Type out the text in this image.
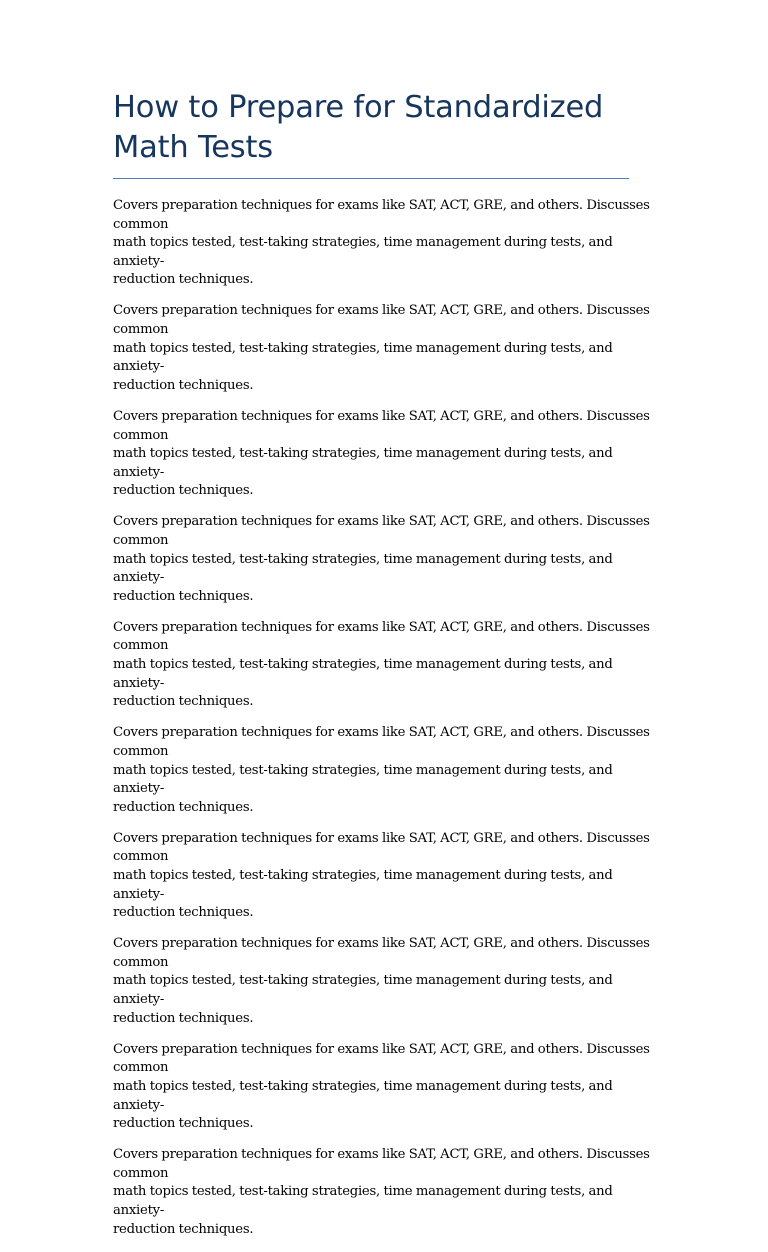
How to Prepare for Standardized Math Tests

Covers preparation techniques for exams like SAT, ACT, GRE, and others. Discusses common
math topics tested, test-taking strategies, time management during tests, and anxiety-
reduction techniques.

Covers preparation techniques for exams like SAT, ACT, GRE, and others. Discusses common
math topics tested, test-taking strategies, time management during tests, and anxiety-
reduction techniques.

Covers preparation techniques for exams like SAT, ACT, GRE, and others. Discusses common
math topics tested, test-taking strategies, time management during tests, and anxiety-
reduction techniques.

Covers preparation techniques for exams like SAT, ACT, GRE, and others. Discusses common
math topics tested, test-taking strategies, time management during tests, and anxiety-
reduction techniques.

Covers preparation techniques for exams like SAT, ACT, GRE, and others. Discusses common
math topics tested, test-taking strategies, time management during tests, and anxiety-
reduction techniques.

Covers preparation techniques for exams like SAT, ACT, GRE, and others. Discusses common
math topics tested, test-taking strategies, time management during tests, and anxiety-
reduction techniques.

Covers preparation techniques for exams like SAT, ACT, GRE, and others. Discusses common
math topics tested, test-taking strategies, time management during tests, and anxiety-
reduction techniques.

Covers preparation techniques for exams like SAT, ACT, GRE, and others. Discusses common
math topics tested, test-taking strategies, time management during tests, and anxiety-
reduction techniques.

Covers preparation techniques for exams like SAT, ACT, GRE, and others. Discusses common
math topics tested, test-taking strategies, time management during tests, and anxiety-
reduction techniques.

Covers preparation techniques for exams like SAT, ACT, GRE, and others. Discusses common
math topics tested, test-taking strategies, time management during tests, and anxiety-
reduction techniques.
